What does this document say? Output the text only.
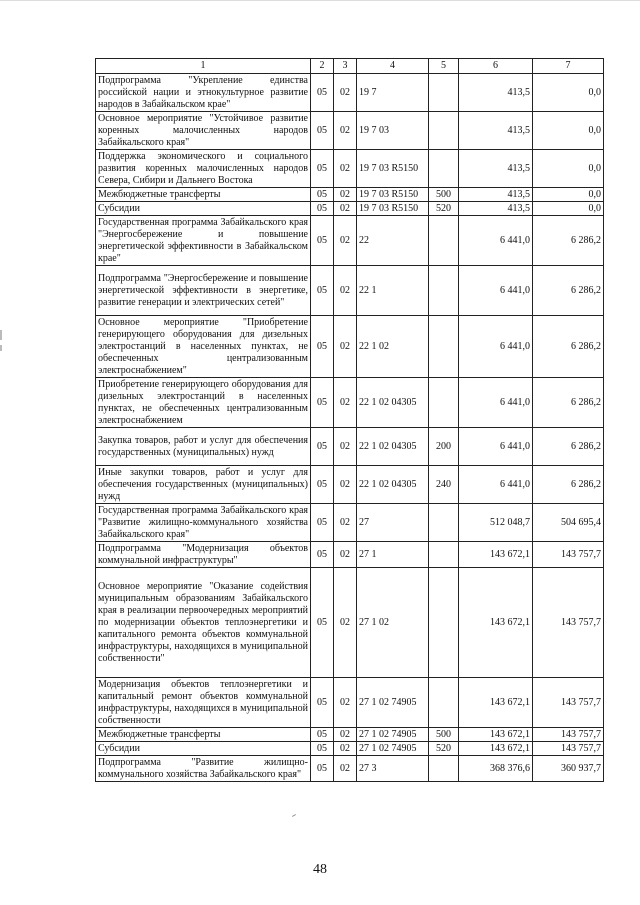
1	2	3	4	5	6	7
Подпрограмма "Укрепление единства российской нации и этнокультурное развитие народов в Забайкальском крае"	05	02	19 7		413,5	0,0
Основное мероприятие "Устойчивое развитие коренных малочисленных народов Забайкальского края"	05	02	19 7 03		413,5	0,0
Поддержка экономического и социального развития коренных малочисленных народов Севера, Сибири и Дальнего Востока	05	02	19 7 03 R5150		413,5	0,0
Межбюджетные трансферты	05	02	19 7 03 R5150	500	413,5	0,0
Субсидии	05	02	19 7 03 R5150	520	413,5	0,0
Государственная программа Забайкальского края "Энергосбережение и повышение энергетической эффективности в Забайкальском крае"	05	02	22		6 441,0	6 286,2
Подпрограмма "Энергосбережение и повышение энергетической эффективности в энергетике, развитие генерации и электрических сетей"	05	02	22 1		6 441,0	6 286,2
Основное мероприятие "Приобретение генерирующего оборудования для дизельных электростанций в населенных пунктах, не обеспеченных централизованным электроснабжением"	05	02	22 1 02		6 441,0	6 286,2
Приобретение генерирующего оборудования для дизельных электростанций в населенных пунктах, не обеспеченных централизованным электроснабжением	05	02	22 1 02 04305		6 441,0	6 286,2
Закупка товаров, работ и услуг для обеспечения государственных (муниципальных) нужд	05	02	22 1 02 04305	200	6 441,0	6 286,2
Иные закупки товаров, работ и услуг для обеспечения государственных (муниципальных) нужд	05	02	22 1 02 04305	240	6 441,0	6 286,2
Государственная программа Забайкальского края "Развитие жилищно-коммунального хозяйства Забайкальского края"	05	02	27		512 048,7	504 695,4
Подпрограмма "Модернизация объектов коммунальной инфраструктуры"	05	02	27 1		143 672,1	143 757,7
Основное мероприятие "Оказание содействия муниципальным образованиям Забайкальского края в реализации первоочередных мероприятий по модернизации объектов теплоэнергетики и капитального ремонта объектов коммунальной инфраструктуры, находящихся в муниципальной собственности"	05	02	27 1 02		143 672,1	143 757,7
Модернизация объектов теплоэнергетики и капитальный ремонт объектов коммунальной инфраструктуры, находящихся в муниципальной собственности	05	02	27 1 02 74905		143 672,1	143 757,7
Межбюджетные трансферты	05	02	27 1 02 74905	500	143 672,1	143 757,7
Субсидии	05	02	27 1 02 74905	520	143 672,1	143 757,7
Подпрограмма "Развитие жилищно-коммунального хозяйства Забайкальского края"	05	02	27 3		368 376,6	360 937,7
48
